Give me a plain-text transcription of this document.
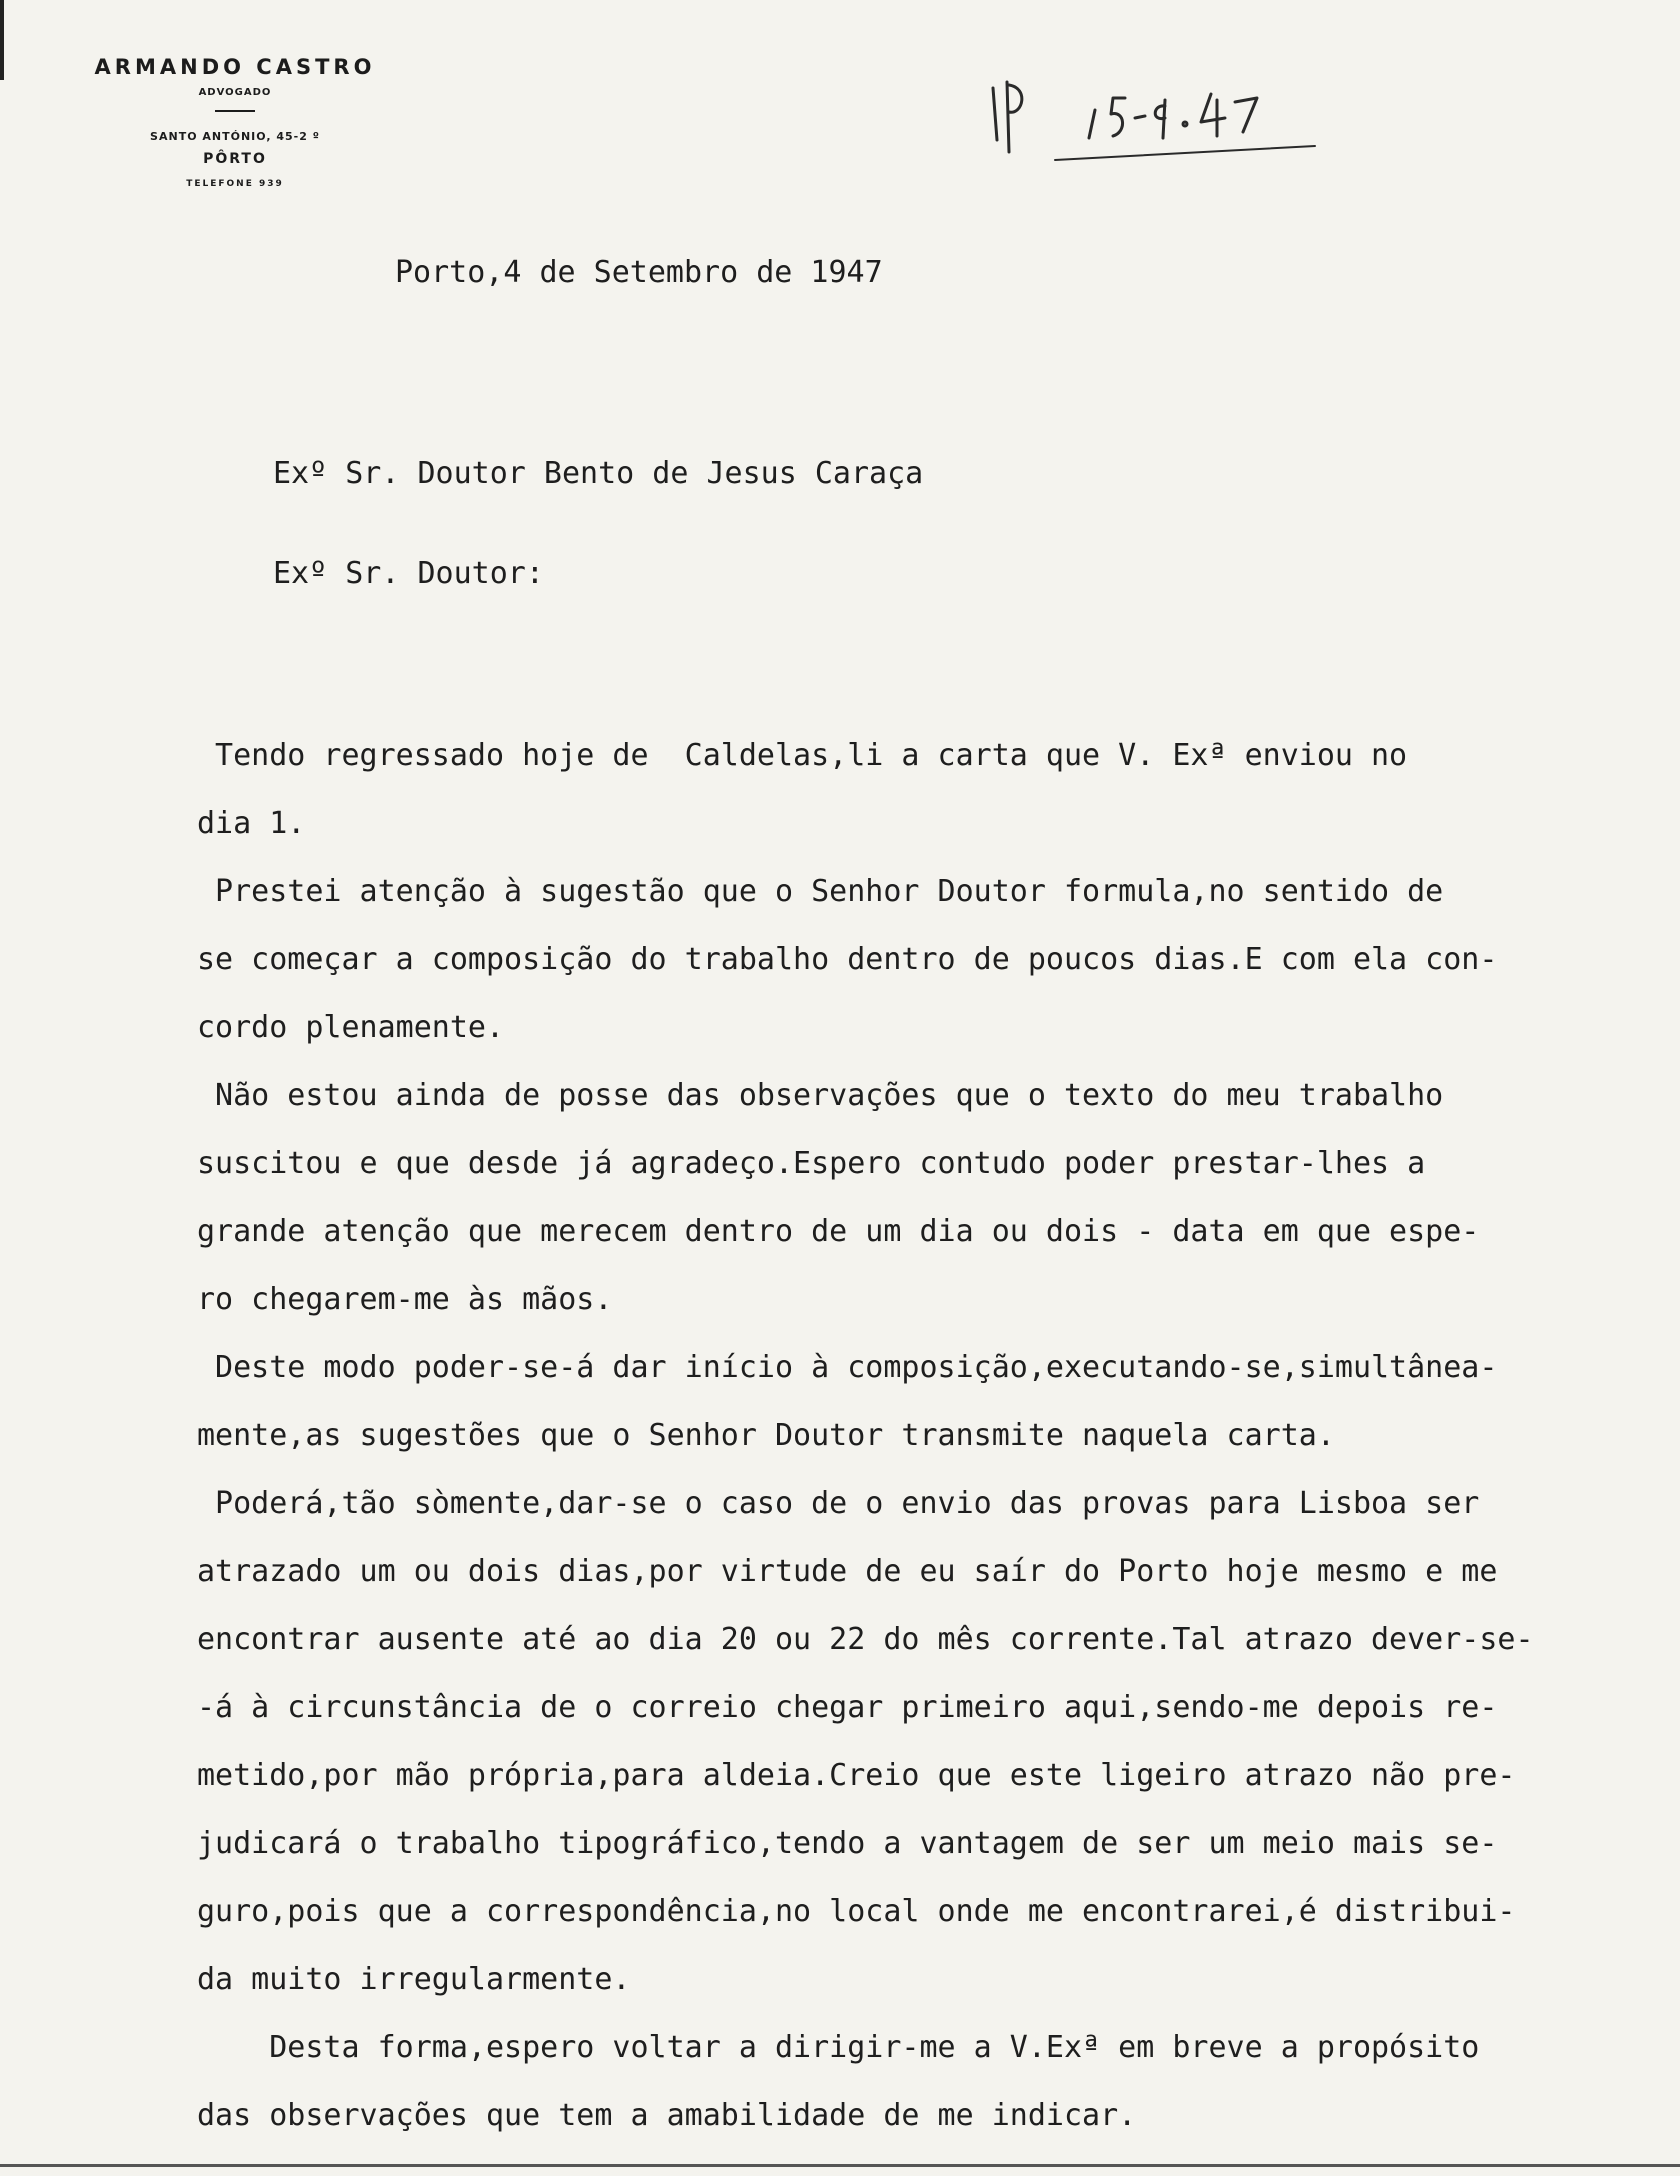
ARMANDO CASTRO
ADVOGADO
SANTO ANTÓNIO, 45-2 º
PÔRTO
TELEFONE 939
Porto,4 de Setembro de 1947
Exº Sr. Doutor Bento de Jesus Caraça
Exº Sr. Doutor:
Tendo regressado hoje de  Caldelas,li a carta que V. Exª enviou no
dia 1.
Prestei atenção à sugestão que o Senhor Doutor formula,no sentido de
se começar a composição do trabalho dentro de poucos dias.E com ela con-
cordo plenamente.
Não estou ainda de posse das observações que o texto do meu trabalho
suscitou e que desde já agradeço.Espero contudo poder prestar-lhes a
grande atenção que merecem dentro de um dia ou dois - data em que espe-
ro chegarem-me às mãos.
Deste modo poder-se-á dar início à composição,executando-se,simultânea-
mente,as sugestões que o Senhor Doutor transmite naquela carta.
Poderá,tão sòmente,dar-se o caso de o envio das provas para Lisboa ser
atrazado um ou dois dias,por virtude de eu saír do Porto hoje mesmo e me
encontrar ausente até ao dia 20 ou 22 do mês corrente.Tal atrazo dever-se-
-á à circunstância de o correio chegar primeiro aqui,sendo-me depois re-
metido,por mão própria,para aldeia.Creio que este ligeiro atrazo não pre-
judicará o trabalho tipográfico,tendo a vantagem de ser um meio mais se-
guro,pois que a correspondência,no local onde me encontrarei,é distribui-
da muito irregularmente.
Desta forma,espero voltar a dirigir-me a V.Exª em breve a propósito
das observações que tem a amabilidade de me indicar.
